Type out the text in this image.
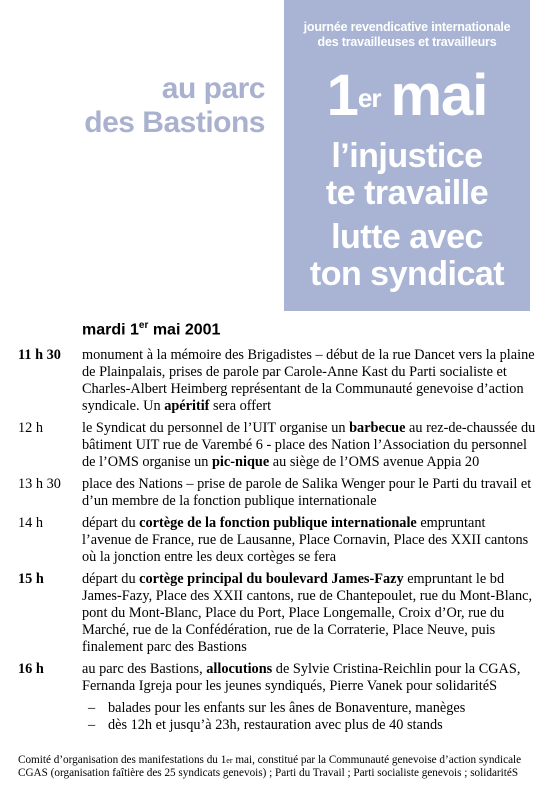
au parc
des Bastions
journée revendicative internationale
des travailleuses et travailleurs
1er mai
l’injustice
te travaille
lutte avec
ton syndicat
mardi 1er mai 2001
11 h 30	monument à la mémoire des Brigadistes – début de la rue Dancet vers la plaine de Plainpalais, prises de parole par Carole-Anne Kast du Parti socialiste et Charles-Albert Heimberg représentant de la Communauté genevoise d’action syndicale. Un apéritif sera offert
12 h	le Syndicat du personnel de l’UIT organise un barbecue au rez-de-chaussée du bâtiment UIT rue de Varembé 6 - place des Nation l’Association du personnel de l’OMS organise un pic-nique au siège de l’OMS avenue Appia 20
13 h 30	place des Nations – prise de parole de Salika Wenger pour le Parti du travail et d’un membre de la fonction publique internationale
14 h	départ du cortège de la fonction publique internationale empruntant l’avenue de France, rue de Lausanne, Place Cornavin, Place des XXII cantons où la jonction entre les deux cortèges se fera
15 h	départ du cortège principal du boulevard James-Fazy empruntant le bd James-Fazy, Place des XXII cantons, rue de Chantepoulet, rue du Mont-Blanc, pont du Mont-Blanc, Place du Port, Place Longemalle, Croix d’Or, rue du Marché, rue de la Confédération, rue de la Corraterie, Place Neuve, puis finalement parc des Bastions
16 h	au parc des Bastions, allocutions de Sylvie Cristina-Reichlin pour la CGAS, Fernanda Igreja pour les jeunes syndiqués, Pierre Vanek pour solidaritéS
– balades pour les enfants sur les ânes de Bonaventure, manèges
– dès 12h et jusqu’à 23h, restauration avec plus de 40 stands
Comité d’organisation des manifestations du 1er mai, constitué par la Communauté genevoise d’action syndicale
CGAS (organisation faîtière des 25 syndicats genevois) ; Parti du Travail ; Parti socialiste genevois ; solidaritéS
